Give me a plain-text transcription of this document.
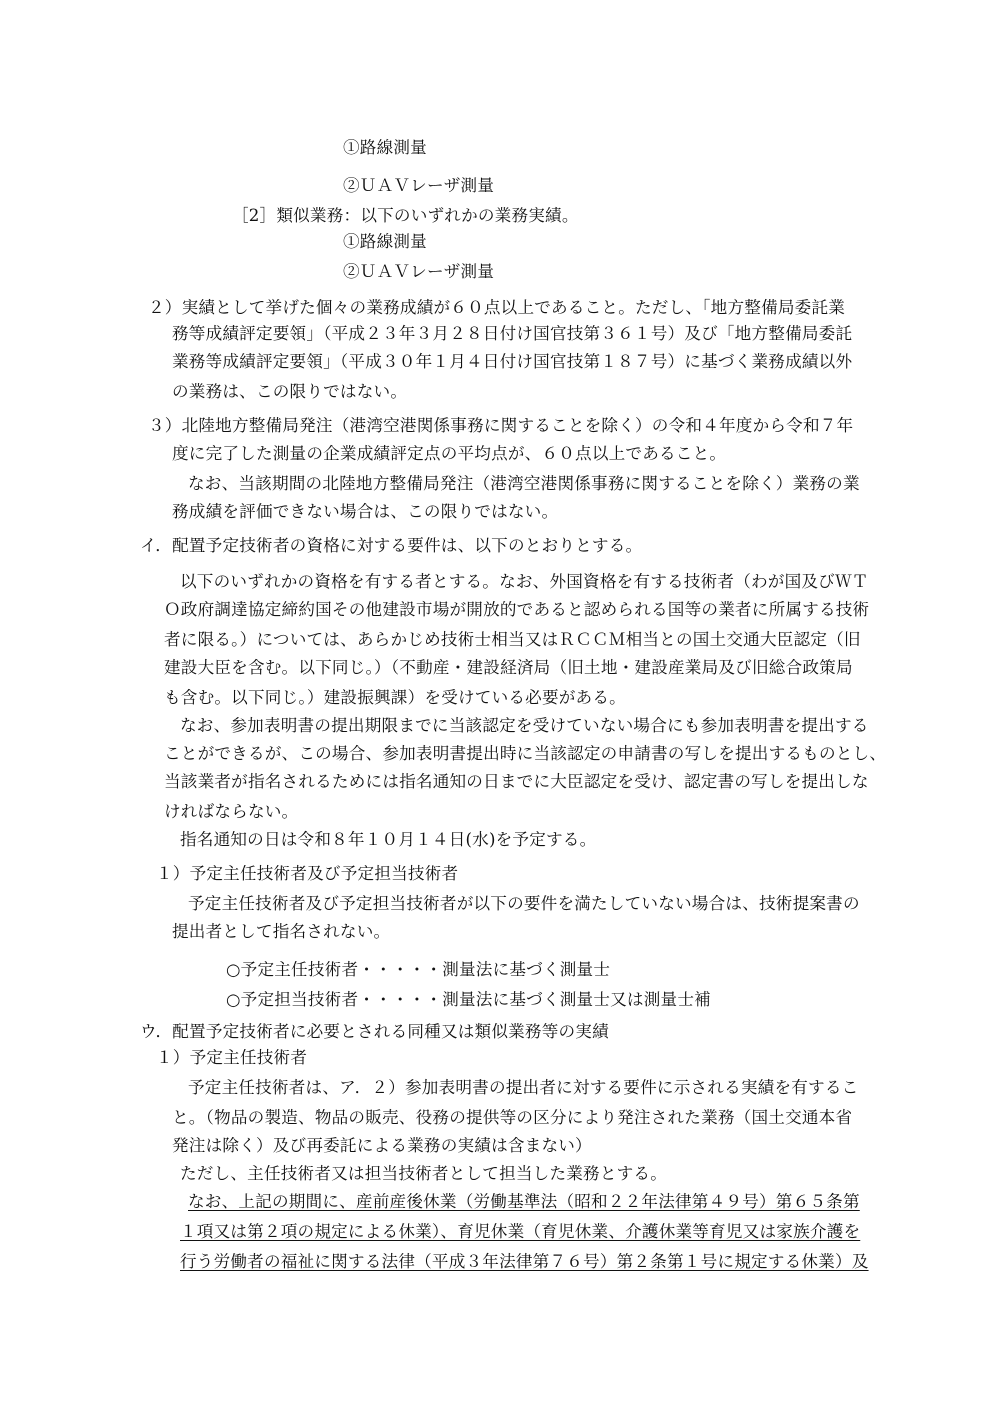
①路線測量
②ＵＡＶレーザ測量
［2］類似業務：以下のいずれかの業務実績。
①路線測量
②ＵＡＶレーザ測量
２）実績として挙げた個々の業務成績が６０点以上であること。ただし、「地方整備局委託業
務等成績評定要領」（平成２３年３月２８日付け国官技第３６１号）及び「地方整備局委託
業務等成績評定要領」（平成３０年１月４日付け国官技第１８７号）に基づく業務成績以外
の業務は、この限りではない。
３）北陸地方整備局発注（港湾空港関係事務に関することを除く）の令和４年度から令和７年
度に完了した測量の企業成績評定点の平均点が、６０点以上であること。
なお、当該期間の北陸地方整備局発注（港湾空港関係事務に関することを除く）業務の業
務成績を評価できない場合は、この限りではない。
イ．配置予定技術者の資格に対する要件は、以下のとおりとする。
以下のいずれかの資格を有する者とする。なお、外国資格を有する技術者（わが国及びＷＴ
Ｏ政府調達協定締約国その他建設市場が開放的であると認められる国等の業者に所属する技術
者に限る。）については、あらかじめ技術士相当又はＲＣＣＭ相当との国土交通大臣認定（旧
建設大臣を含む。以下同じ。）（不動産・建設経済局（旧土地・建設産業局及び旧総合政策局
も含む。以下同じ。）建設振興課）を受けている必要がある。
なお、参加表明書の提出期限までに当該認定を受けていない場合にも参加表明書を提出する
ことができるが、この場合、参加表明書提出時に当該認定の申請書の写しを提出するものとし、
当該業者が指名されるためには指名通知の日までに大臣認定を受け、認定書の写しを提出しな
ければならない。
指名通知の日は令和８年１０月１４日(水)を予定する。
１）予定主任技術者及び予定担当技術者
予定主任技術者及び予定担当技術者が以下の要件を満たしていない場合は、技術提案書の
提出者として指名されない。
○予定主任技術者・・・・・測量法に基づく測量士
○予定担当技術者・・・・・測量法に基づく測量士又は測量士補
ウ．配置予定技術者に必要とされる同種又は類似業務等の実績
１）予定主任技術者
予定主任技術者は、ア．２）参加表明書の提出者に対する要件に示される実績を有するこ
と。（物品の製造、物品の販売、役務の提供等の区分により発注された業務（国土交通本省
発注は除く）及び再委託による業務の実績は含まない）
ただし、主任技術者又は担当技術者として担当した業務とする。
なお、上記の期間に、産前産後休業（労働基準法（昭和２２年法律第４９号）第６５条第
１項又は第２項の規定による休業）、育児休業（育児休業、介護休業等育児又は家族介護を
行う労働者の福祉に関する法律（平成３年法律第７６号）第２条第１号に規定する休業）及
